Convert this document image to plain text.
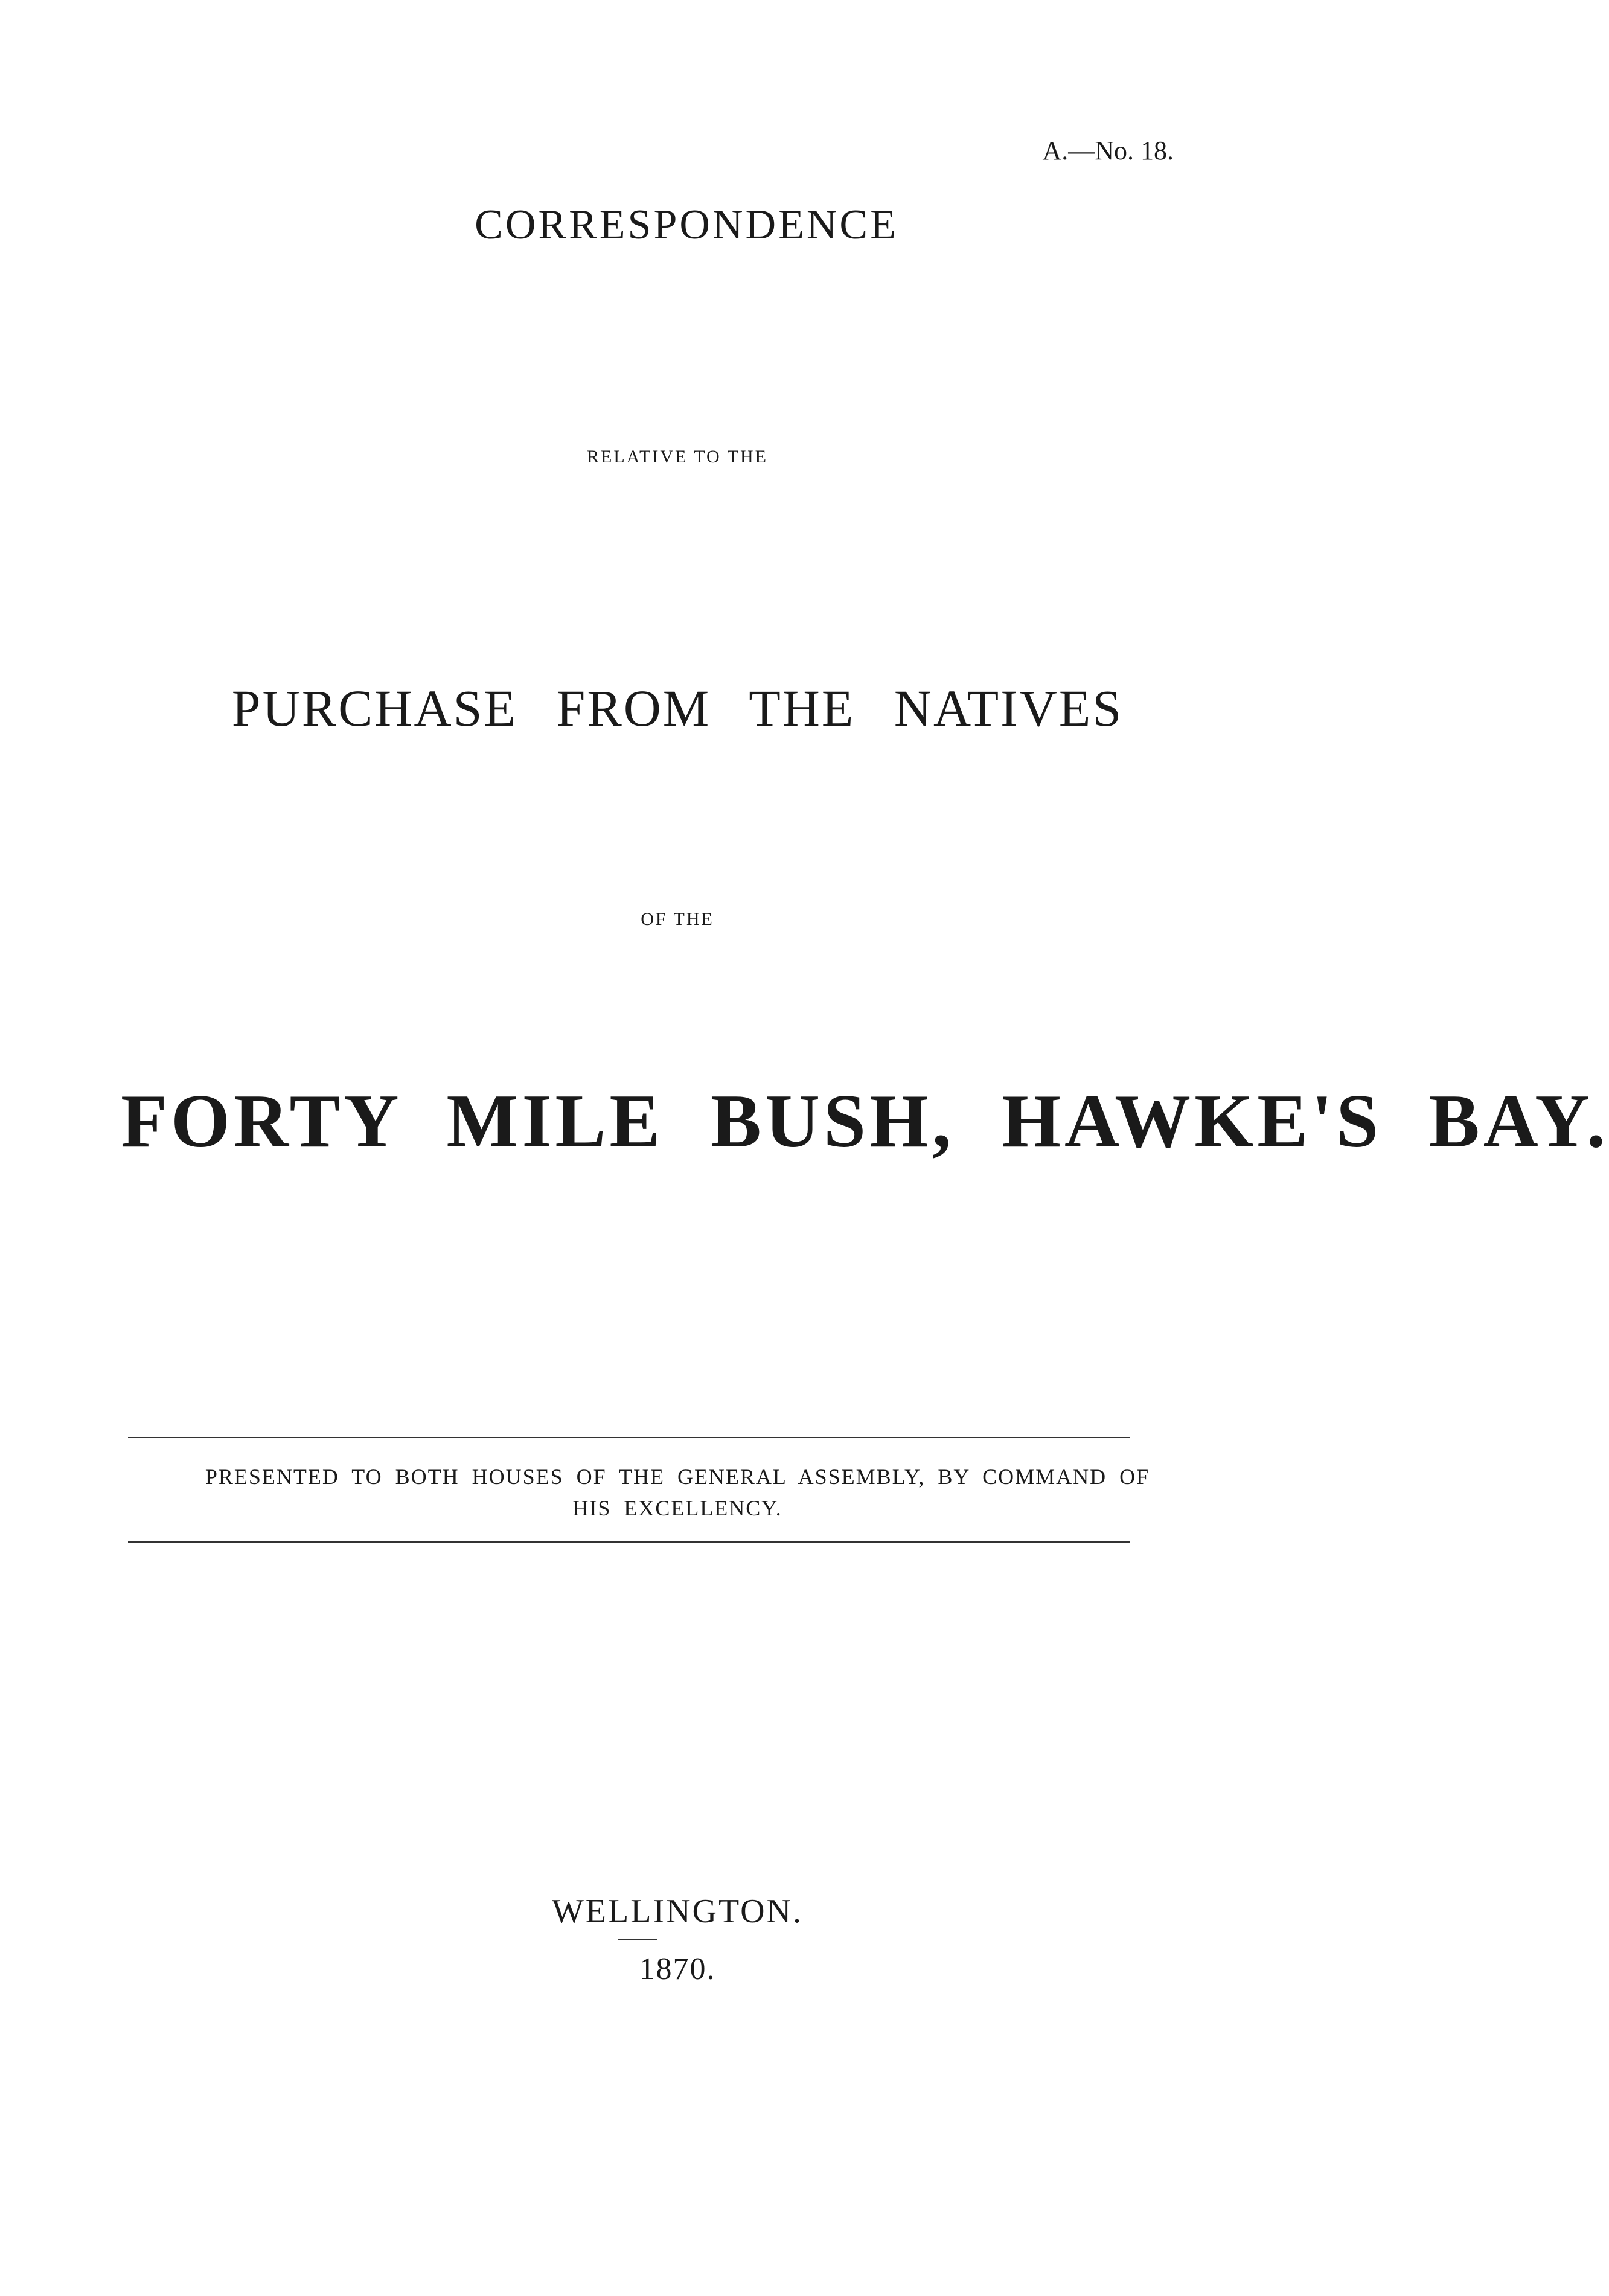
A.—No. 18.
CORRESPONDENCE
RELATIVE TO THE
PURCHASE FROM THE NATIVES
OF THE
FORTY MILE BUSH, HAWKE'S BAY.
PRESENTED TO BOTH HOUSES OF THE GENERAL ASSEMBLY, BY COMMAND OF
HIS EXCELLENCY.
WELLINGTON.
1870.
